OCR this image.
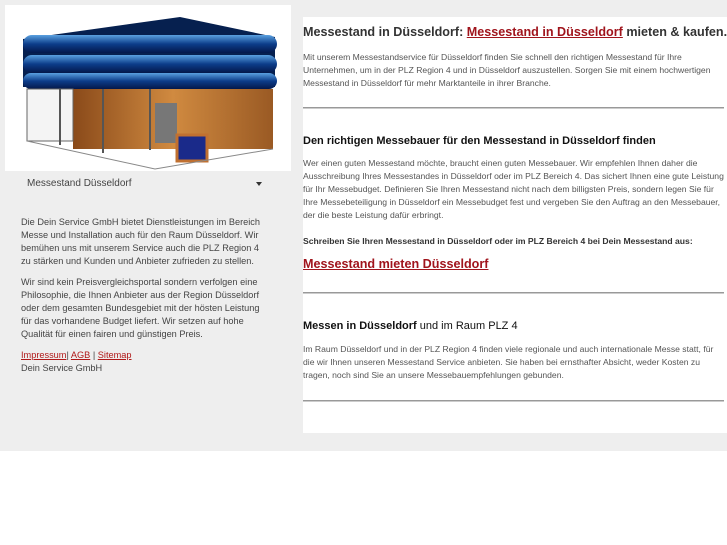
Messestand Düsseldorf

Die Dein Service GmbH bietet Dienstleistungen im Bereich Messe und Installation auch für den Raum Düsseldorf. Wir bemühen uns mit unserem Service auch die PLZ Region 4 zu stärken und Kunden und Anbieter zufrieden zu stellen.

Wir sind kein Preisvergleichsportal sondern verfolgen eine Philosophie, die Ihnen Anbieter aus der Region Düsseldorf oder dem gesamten Bundesgebiet mit der hösten Leistung für das vorhandene Budget liefert. Wir setzen auf hohe Qualität für einen fairen und günstigen Preis.

Impressum| AGB | Sitemap
Dein Service GmbH
Messestand in Düsseldorf: Messestand in Düsseldorf mieten & kaufen.

Mit unserem Messestandservice für Düsseldorf finden Sie schnell den richtigen Messestand für Ihre Unternehmen, um in der PLZ Region 4 und in Düsseldorf auszustellen. Sorgen Sie mit einem hochwertigen Messestand in Düsseldorf für mehr Marktanteile in ihrer Branche.

Den richtigen Messebauer für den Messestand in Düsseldorf finden

Wer einen guten Messestand möchte, braucht einen guten Messebauer. Wir empfehlen Ihnen daher die Ausschreibung Ihres Messestandes in Düsseldorf oder im PLZ Bereich 4. Das sichert Ihnen eine gute Leistung für Ihr Messebudget. Definieren Sie Ihren Messestand nicht nach dem billigsten Preis, sondern legen Sie für Ihre Messebeteiligung in Düsseldorf ein Messebudget fest und vergeben Sie den Auftrag an den Messebauer, der die beste Leistung dafür erbringt.

Schreiben Sie Ihren Messestand in Düsseldorf oder im PLZ Bereich 4 bei Dein Messestand aus:
Messestand mieten Düsseldorf
Messen in Düsseldorf und im Raum PLZ 4

Im Raum Düsseldorf und in der PLZ Region 4 finden viele regionale und auch internationale Messe statt, für die wir Ihnen unseren Messestand Service anbieten. Sie haben bei ernsthafter Absicht, weder Kosten zu tragen, noch sind Sie an unsere Messebauempfehlungen gebunden.
